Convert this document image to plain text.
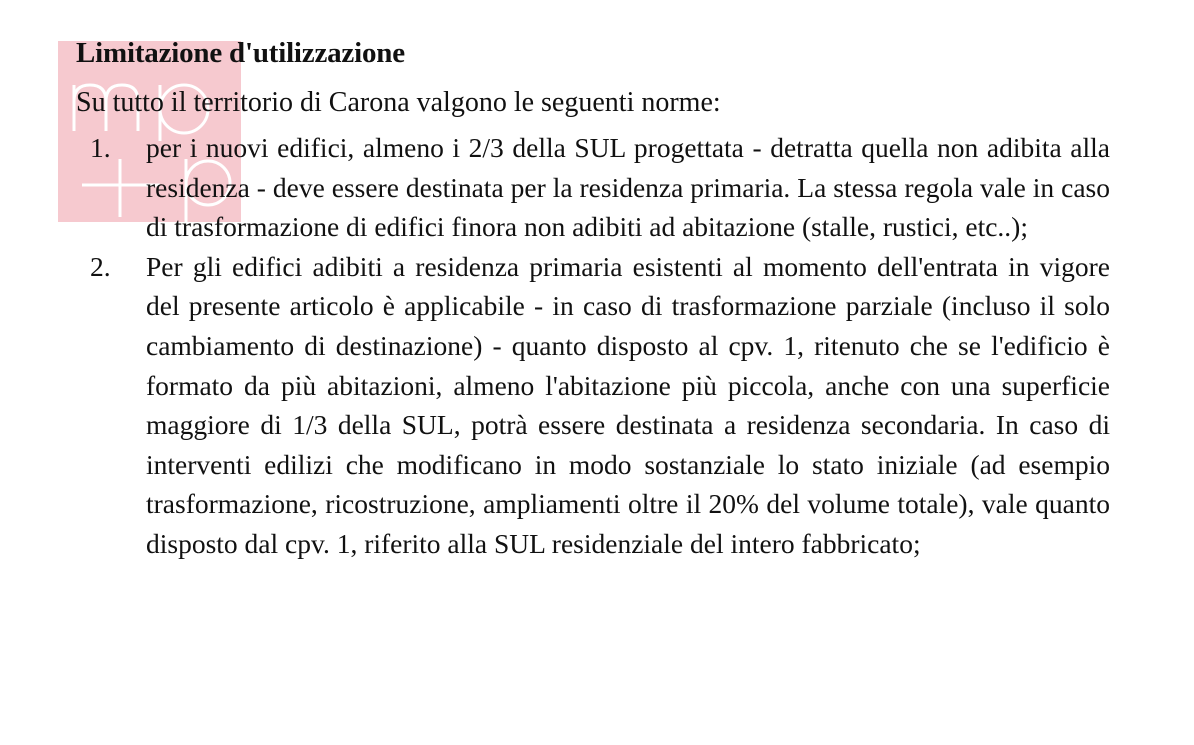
Limitazione d'utilizzazione

Su tutto il territorio di Carona valgono le seguenti norme:

1. per i nuovi edifici, almeno i 2/3 della SUL progettata - detratta quella non adibita alla residenza - deve essere destinata per la residenza primaria. La stessa regola vale in caso di trasformazione di edifici finora non adibiti ad abitazione (stalle, rustici, etc..);
2. Per gli edifici adibiti a residenza primaria esistenti al momento dell'entrata in vigore del presente articolo è applicabile - in caso di trasformazione parziale (incluso il solo cambiamento di destinazione) - quanto disposto al cpv. 1, ritenuto che se l'edificio è formato da più abitazioni, almeno l'abitazione più piccola, anche con una superficie maggiore di 1/3 della SUL, potrà essere destinata a residenza secondaria. In caso di interventi edilizi che modificano in modo sostanziale lo stato iniziale (ad esempio trasformazione, ricostruzione, ampliamenti oltre il 20% del volume totale), vale quanto disposto dal cpv. 1, riferito alla SUL residenziale del intero fabbricato;
